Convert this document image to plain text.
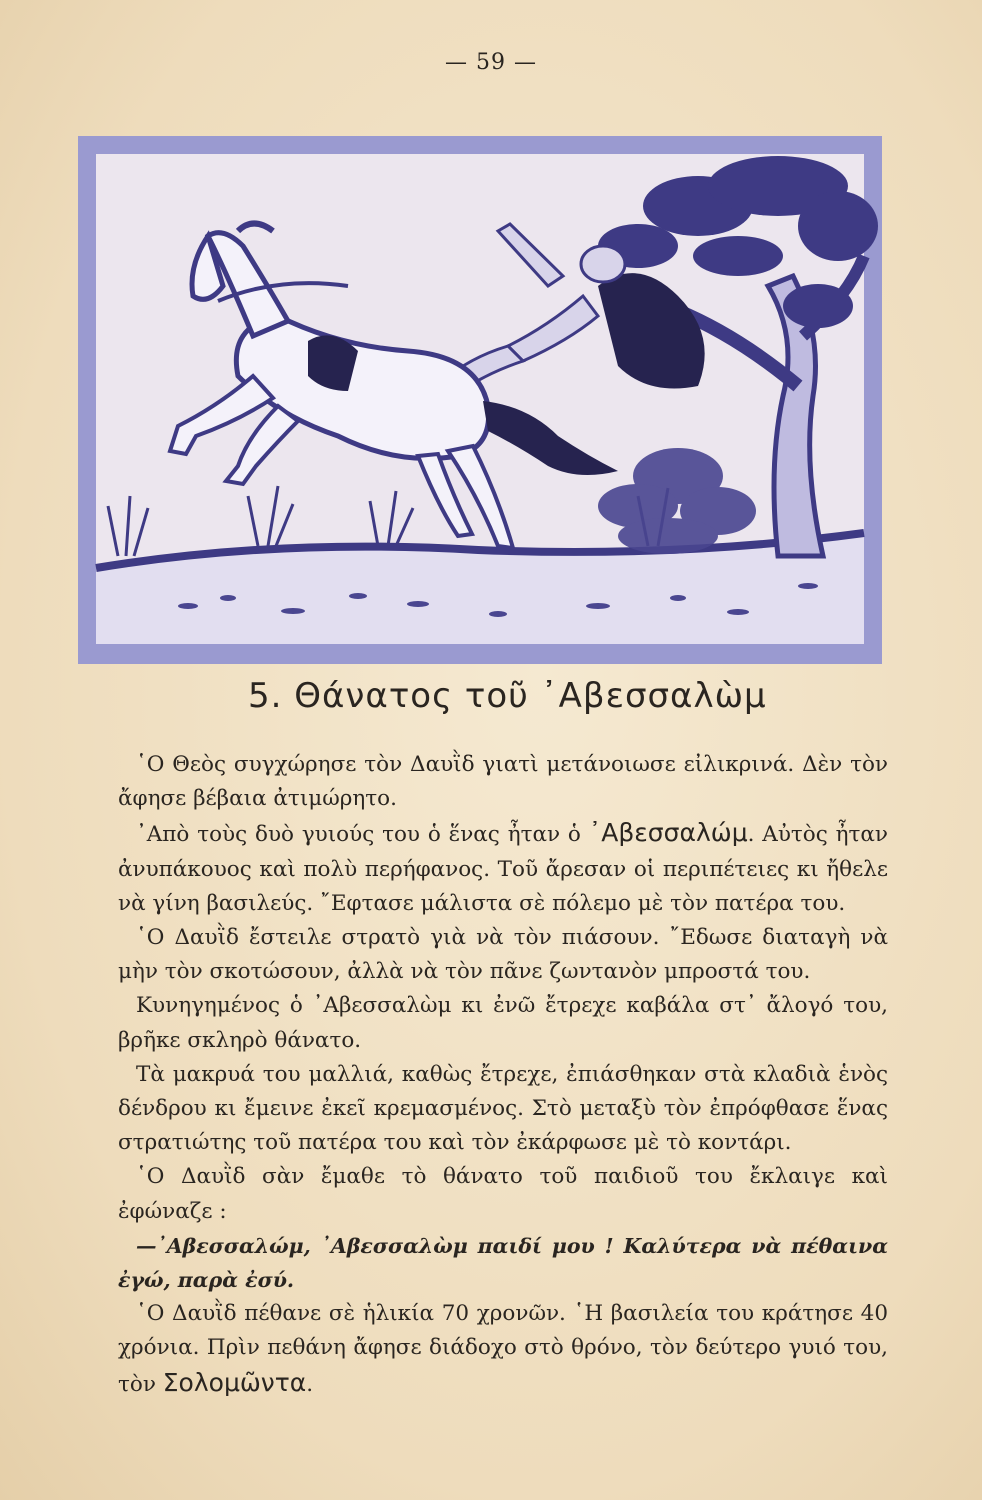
— 59 —
5. Θάνατος τοῦ ᾿Αβεσσαλὼμ

῾Ο Θεὸς συγχώρησε τὸν Δαυῒδ γιατὶ μετάνοιωσε εἰλικρινά. Δὲν τὸν ἄφησε βέβαια ἀτιμώρητο.

᾿Απὸ τοὺς δυὸ γυιούς του ὁ ἕνας ἦταν ὁ ᾿Αβεσσαλώμ. Αὐτὸς ἦταν ἀνυπάκουος καὶ πολὺ περήφανος. Τοῦ ἄρεσαν οἱ περιπέτειες κι ἤθελε νὰ γίνη βασιλεύς. ῎Εφτασε μάλιστα σὲ πόλεμο μὲ τὸν πατέρα του.

῾Ο Δαυῒδ ἔστειλε στρατὸ γιὰ νὰ τὸν πιάσουν. ῎Εδωσε διαταγὴ νὰ μὴν τὸν σκοτώσουν, ἀλλὰ νὰ τὸν πᾶνε ζωντανὸν μπροστά του.

Κυνηγημένος ὁ ᾿Αβεσσαλὼμ κι ἐνῶ ἔτρεχε καβάλα στ᾿ ἄλογό του, βρῆκε σκληρὸ θάνατο.

Τὰ μακρυά του μαλλιά, καθὼς ἔτρεχε, ἐπιάσθηκαν στὰ κλαδιὰ ἑνὸς δένδρου κι ἔμεινε ἐκεῖ κρεμασμένος. Στὸ μεταξὺ τὸν ἐπρόφθασε ἕνας στρατιώτης τοῦ πατέρα του καὶ τὸν ἐκάρφωσε μὲ τὸ κοντάρι.

῾Ο Δαυῒδ σὰν ἔμαθε τὸ θάνατο τοῦ παιδιοῦ του ἔκλαιγε καὶ ἐφώναζε :

—᾿Αβεσσαλώμ, ᾿Αβεσσαλὼμ παιδί μου ! Καλύτερα νὰ πέθαινα ἐγώ, παρὰ ἐσύ.

῾Ο Δαυῒδ πέθανε σὲ ἡλικία 70 χρονῶν. ῾Η βασιλεία του κράτησε 40 χρόνια. Πρὶν πεθάνη ἄφησε διάδοχο στὸ θρόνο, τὸν δεύτερο γυιό του, τὸν Σολομῶντα.
